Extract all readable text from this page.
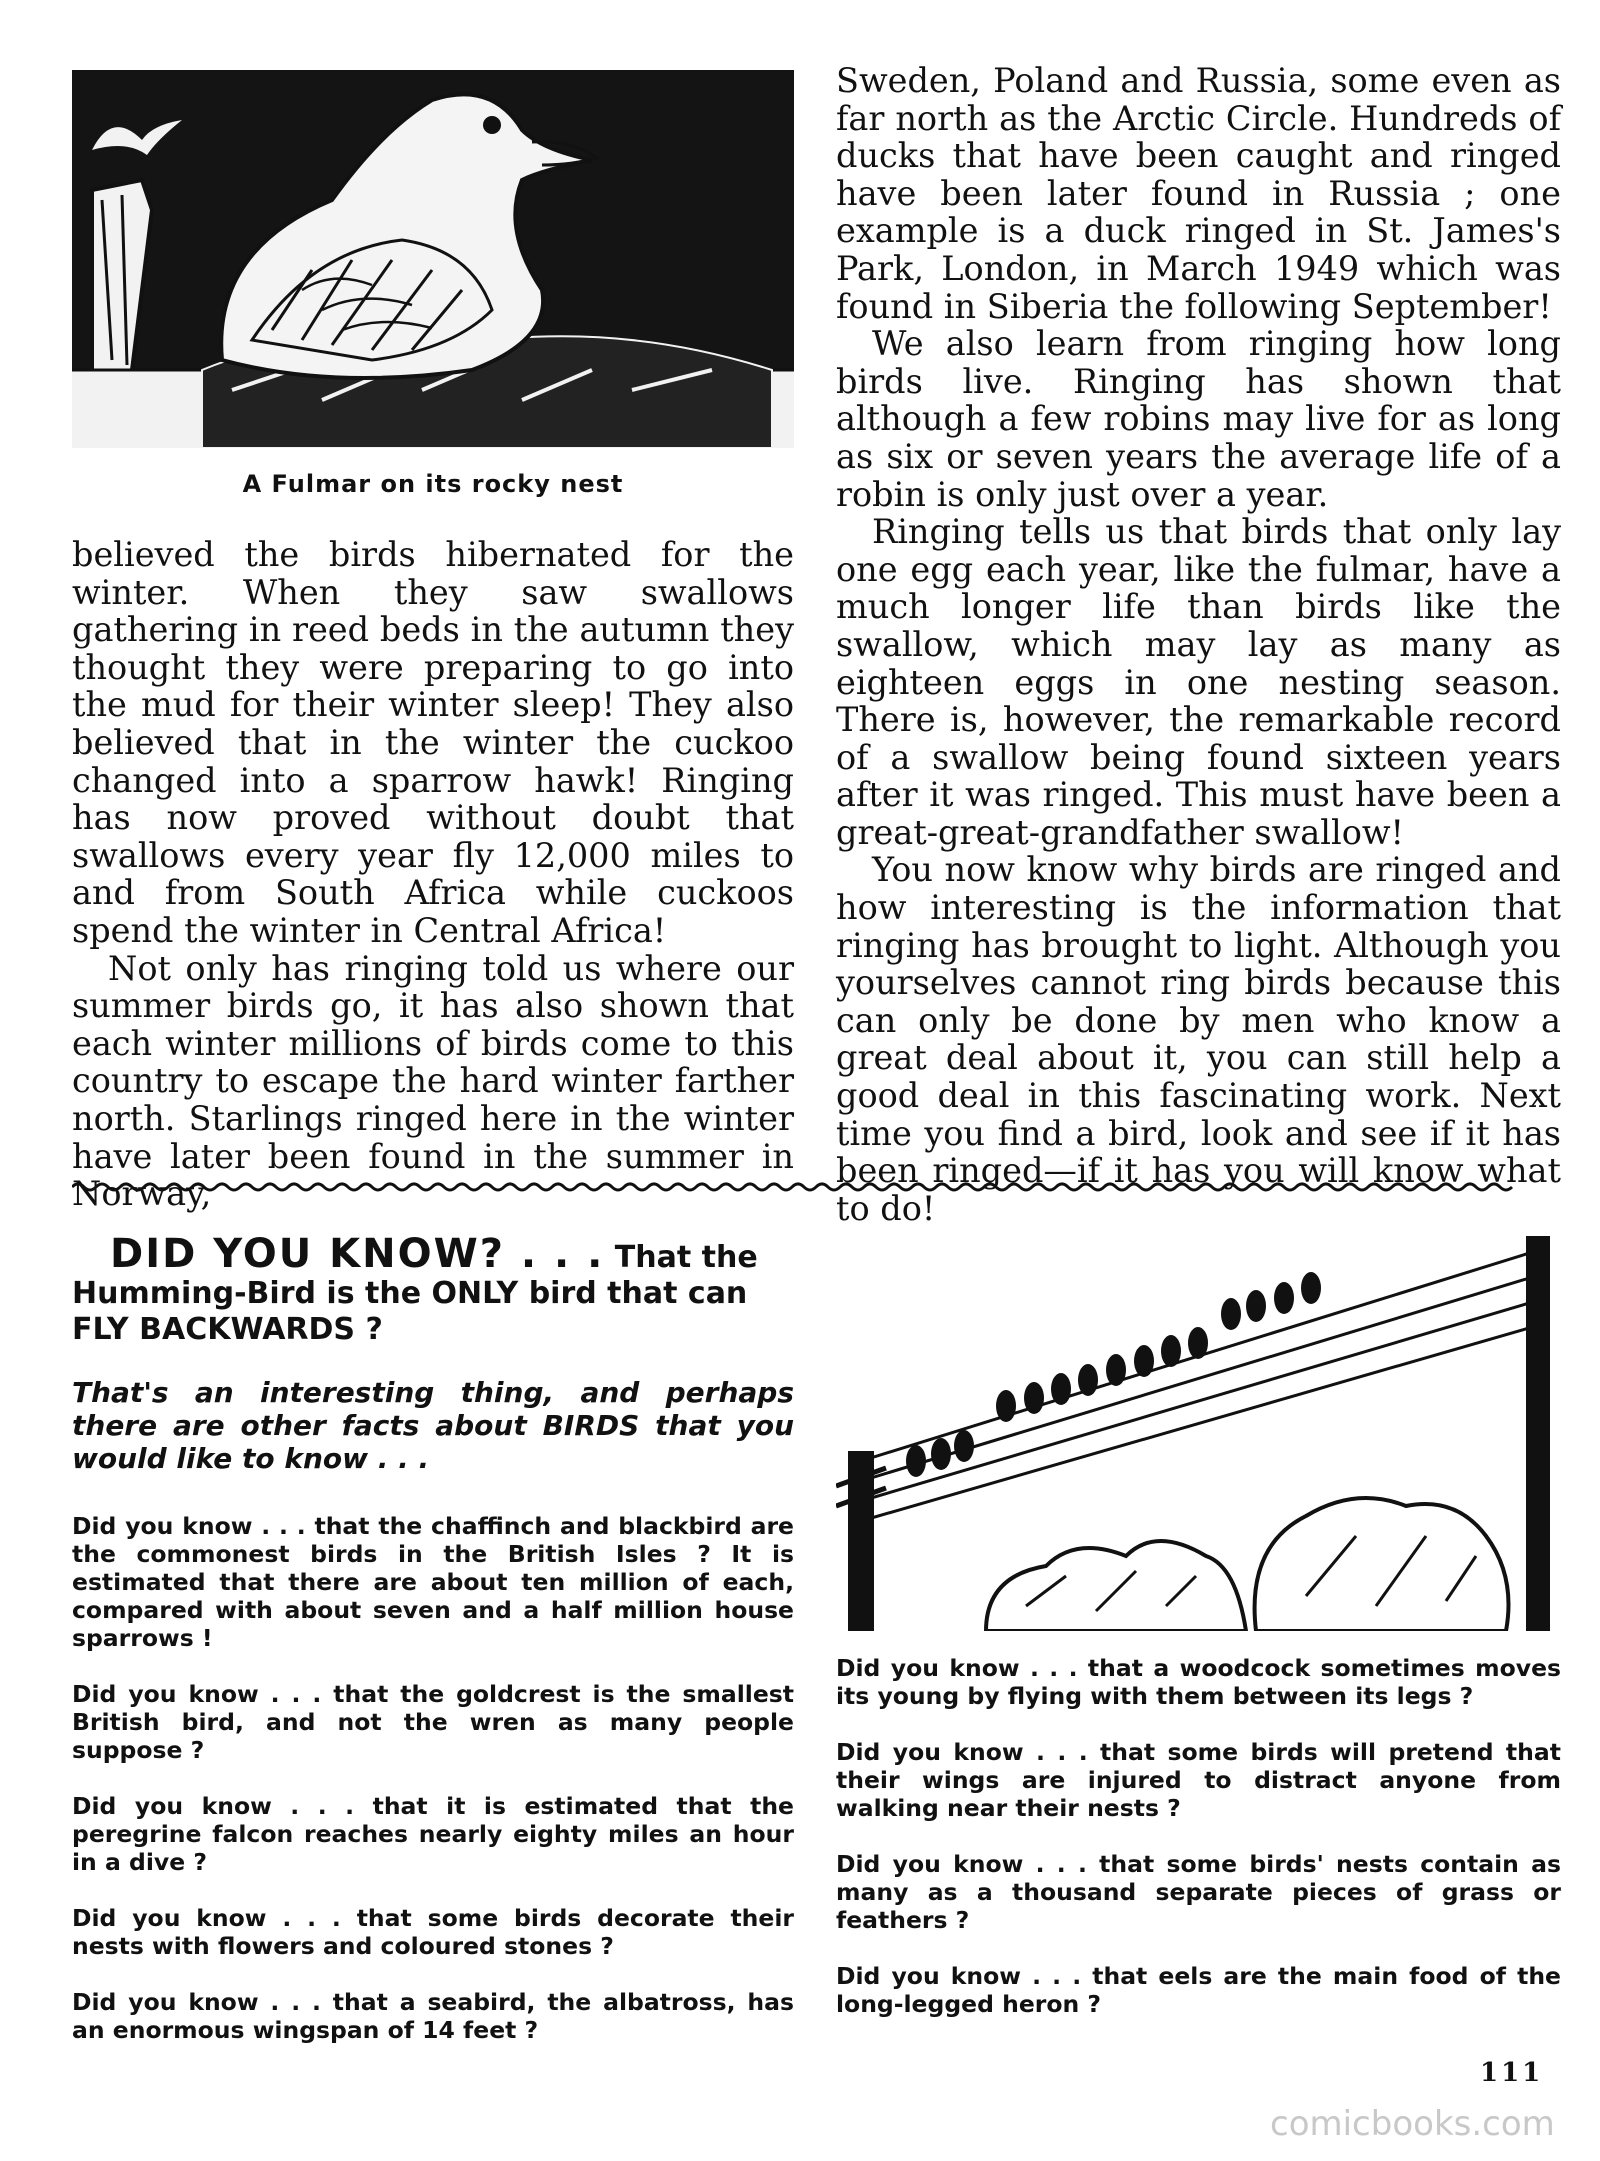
A Fulmar on its rocky nest

believed the birds hibernated for the winter. When they saw swallows gathering in reed beds in the autumn they thought they were preparing to go into the mud for their winter sleep! They also believed that in the winter the cuckoo changed into a sparrow hawk! Ringing has now proved without doubt that swallows every year fly 12,000 miles to and from South Africa while cuckoos spend the winter in Central Africa!

Not only has ringing told us where our summer birds go, it has also shown that each winter millions of birds come to this country to escape the hard winter farther north. Starlings ringed here in the winter have later been found in the summer in Norway,

Sweden, Poland and Russia, some even as far north as the Arctic Circle. Hundreds of ducks that have been caught and ringed have been later found in Russia ; one example is a duck ringed in St. James's Park, London, in March 1949 which was found in Siberia the following September!

We also learn from ringing how long birds live. Ringing has shown that although a few robins may live for as long as six or seven years the average life of a robin is only just over a year.

Ringing tells us that birds that only lay one egg each year, like the fulmar, have a much longer life than birds like the swallow, which may lay as many as eighteen eggs in one nesting season. There is, however, the remarkable record of a swallow being found sixteen years after it was ringed. This must have been a great-great-grandfather swallow!

You now know why birds are ringed and how interesting is the information that ringing has brought to light. Although you yourselves cannot ring birds because this can only be done by men who know a great deal about it, you can still help a good deal in this fascinating work. Next time you find a bird, look and see if it has been ringed—if it has you will know what to do!

DID YOU KNOW? . . . That the Humming-Bird is the ONLY bird that can FLY BACKWARDS ?
That's an interesting thing, and perhaps there are other facts about BIRDS that you would like to know . . .

Did you know . . . that the chaffinch and blackbird are the commonest birds in the British Isles ? It is estimated that there are about ten million of each, compared with about seven and a half million house sparrows !

Did you know . . . that the goldcrest is the smallest British bird, and not the wren as many people suppose ?

Did you know . . . that it is estimated that the peregrine falcon reaches nearly eighty miles an hour in a dive ?

Did you know . . . that some birds decorate their nests with flowers and coloured stones ?

Did you know . . . that a seabird, the albatross, has an enormous wingspan of 14 feet ?

Did you know . . . that a woodcock sometimes moves its young by flying with them between its legs ?

Did you know . . . that some birds will pretend that their wings are injured to distract anyone from walking near their nests ?

Did you know . . . that some birds' nests contain as many as a thousand separate pieces of grass or feathers ?

Did you know . . . that eels are the main food of the long-legged heron ?

111
comicbooks.com
